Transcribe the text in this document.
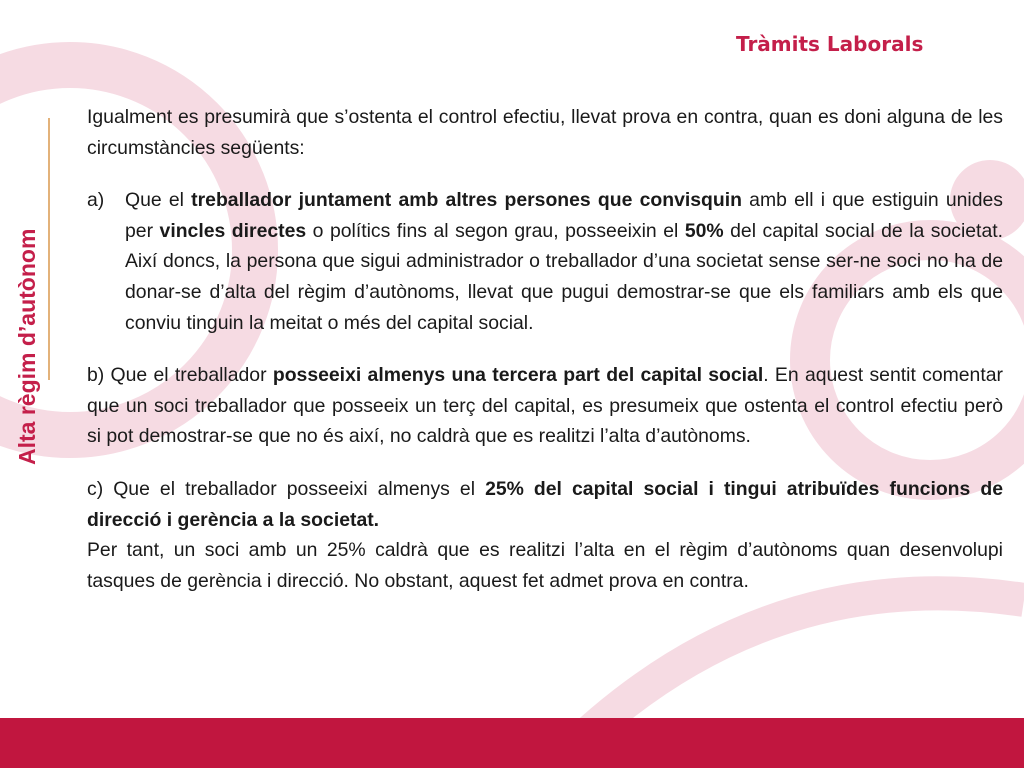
Tràmits Laborals
Alta règim d’autònom

Igualment es presumirà que s’ostenta el control efectiu, llevat prova en contra, quan es doni alguna de les circumstàncies següents:

a)	Que el treballador juntament amb altres persones que convisquin amb ell i que estiguin unides per vincles directes o polítics fins al segon grau, posseeixin el 50% del capital social de la societat. Així doncs, la persona que sigui administrador o treballador d’una societat sense ser-ne soci no ha de donar-se d’alta del règim d’autònoms, llevat que pugui demostrar-se que els familiars amb els que conviu tinguin la meitat o més del capital social.

b) Que el treballador posseeixi almenys una tercera part del capital social. En aquest sentit comentar que un soci treballador que posseeix un terç del capital, es presumeix que ostenta el control efectiu però si pot demostrar-se que no és així, no caldrà que es realitzi l’alta d’autònoms.

c) Que el treballador posseeixi almenys el 25% del capital social i tingui atribuïdes funcions de direcció i gerència a la societat.

Per tant, un soci amb un 25% caldrà que es realitzi l’alta en el règim d’autònoms quan desenvolupi tasques de gerència i direcció. No obstant, aquest fet admet prova en contra.
